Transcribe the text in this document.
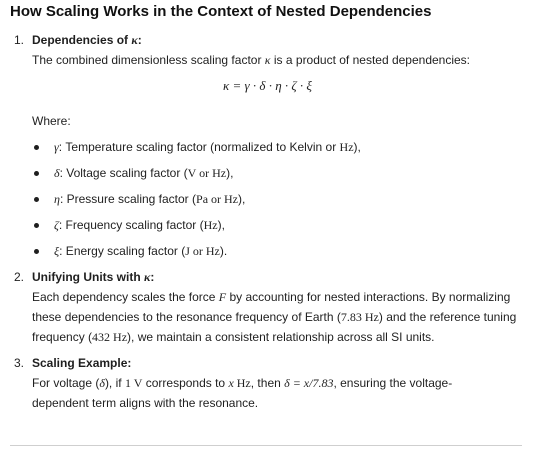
How Scaling Works in the Context of Nested Dependencies
1. Dependencies of κ:
The combined dimensionless scaling factor κ is a product of nested dependencies:
κ = γ · δ · η · ζ · ξ
Where:
γ: Temperature scaling factor (normalized to Kelvin or Hz),
δ: Voltage scaling factor (V or Hz),
η: Pressure scaling factor (Pa or Hz),
ζ: Frequency scaling factor (Hz),
ξ: Energy scaling factor (J or Hz).
2. Unifying Units with κ:
Each dependency scales the force F by accounting for nested interactions. By normalizing
these dependencies to the resonance frequency of Earth (7.83 Hz) and the reference tuning
frequency (432 Hz), we maintain a consistent relationship across all SI units.
3. Scaling Example:
For voltage (δ), if 1 V corresponds to x Hz, then δ = x/7.83, ensuring the voltage-
dependent term aligns with the resonance.
